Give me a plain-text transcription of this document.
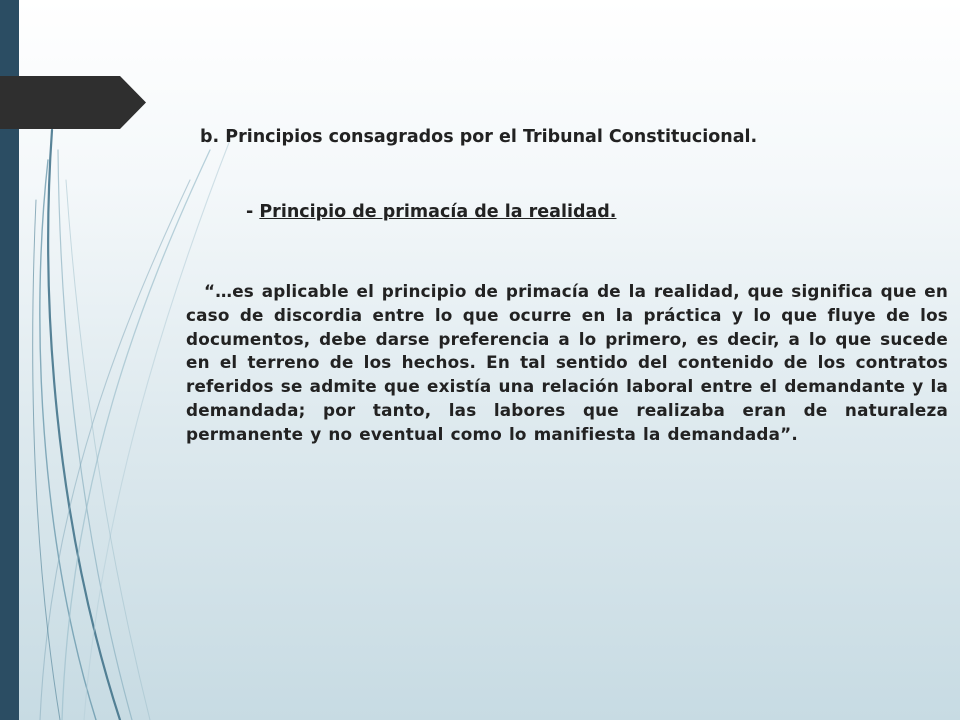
b. Principios consagrados por el Tribunal Constitucional.
- Principio de primacía de la realidad.
“…es aplicable el principio de primacía de la realidad, que significa que en caso de discordia entre lo que ocurre en la práctica y lo que fluye de los documentos, debe darse preferencia a lo primero, es decir, a lo que sucede en el terreno de los hechos. En tal sentido del contenido de los contratos referidos se admite que existía una relación laboral entre el demandante y la demandada; por tanto, las labores que realizaba eran de naturaleza permanente y no eventual como lo manifiesta la demandada”.
